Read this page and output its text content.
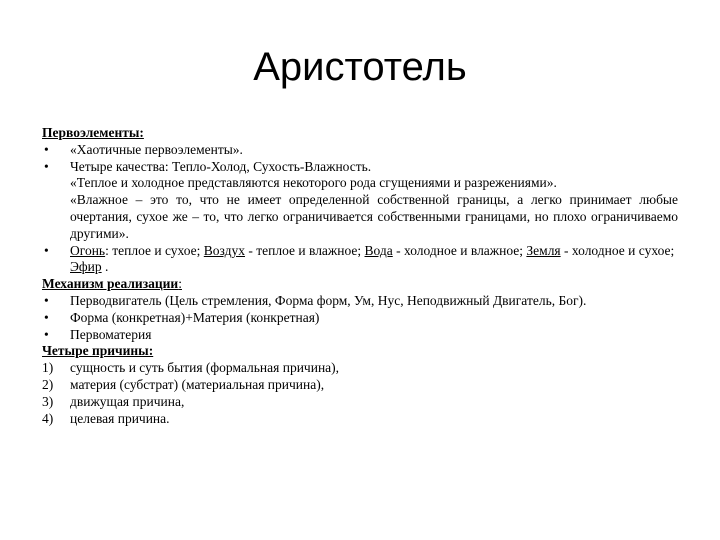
Аристотель

Первоэлементы:

•	«Хаотичные первоэлементы».

•	Четыре качества: Тепло-Холод, Сухость-Влажность.

«Теплое и холодное представляются некоторого рода сгущениями и разрежениями».

«Влажное – это то, что не имеет определенной собственной границы, а легко принимает любые очертания, сухое же – то, что легко ограничивается собственными границами, но плохо ограничиваемо другими».

•	Огонь: теплое и сухое; Воздух - теплое и влажное; Вода - холодное и влажное; Земля - холодное и сухое; Эфир .

Механизм реализации:

•	Перводвигатель (Цель стремления, Форма форм, Ум, Нус, Неподвижный Двигатель, Бог).

•	Форма (конкретная)+Материя (конкретная)

•	Первоматерия

Четыре причины:

1)	сущность и суть бытия (формальная причина),

2)	материя (субстрат) (материальная причина),

3)	движущая причина,

4)	целевая причина.
